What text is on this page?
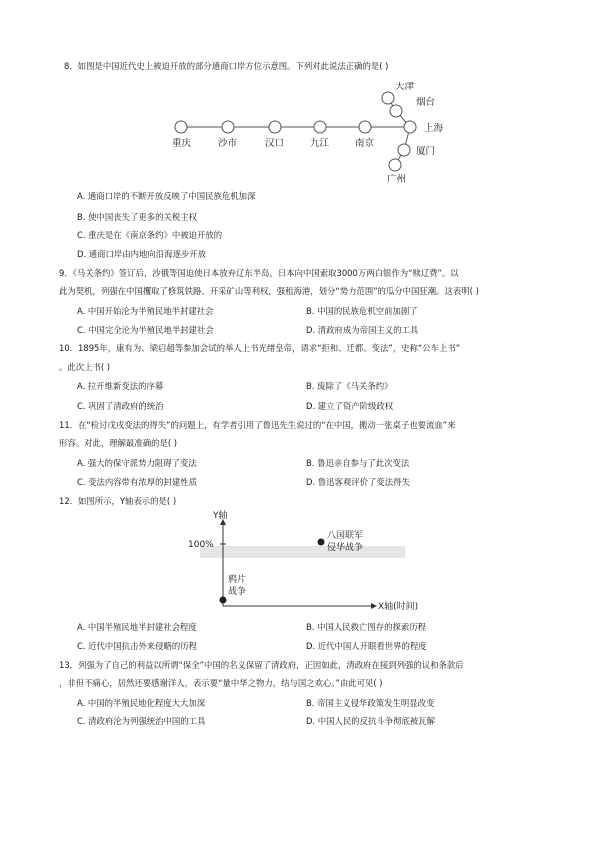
8．如图是中国近代史上被迫开放的部分通商口岸方位示意图。下列对此说法正确的是( )
重庆	沙市	汉口	九江	南京
天津
烟台
上海
厦门
广州
A. 通商口岸的不断开放反映了中国民族危机加深
B. 使中国丧失了更多的关税主权
C. 重庆是在《南京条约》中被迫开放的
D. 通商口岸由内地向沿海逐步开放
9．《马关条约》签订后，沙俄等国迫使日本放弃辽东半岛，日本向中国索取3000万两白银作为“赎辽费”。以
此为契机，列强在中国攫取了修筑铁路、开采矿山等利权，强租海港，划分“势力范围”的瓜分中国狂潮。这表明( )
A. 中国开始沦为半殖民地半封建社会	B. 中国的民族危机空前加剧了
C. 中国完全沦为半殖民地半封建社会	D. 清政府成为帝国主义的工具
10．1895年，康有为、梁启超等参加会试的举人上书光绪皇帝，请求“拒和、迁都、变法”，史称“公车上书”
。此次上书( )
A. 拉开维新变法的序幕	B. 废除了《马关条约》
C. 巩固了清政府的统治	D. 建立了资产阶级政权
11．在“检讨戊戌变法的得失”的问题上，有学者引用了鲁迅先生说过的“在中国，搬动一张桌子也要流血”来
形容。对此，理解最准确的是( )
A. 强大的保守派势力阻碍了变法	B. 鲁迅亲自参与了此次变法
C. 变法内容带有浓厚的封建性质	D. 鲁迅客观评价了变法得失
12．如图所示，Y轴表示的是( )
Y轴
X轴(时间)
100%
八国联军
侵华战争
鸦片
战争
A. 中国半殖民地半封建社会程度	B. 中国人民救亡图存的探索历程
C. 近代中国抗击外来侵略的历程	D. 近代中国人开眼看世界的程度
13．列强为了自己的利益以所谓“保全”中国的名义保留了清政府，正因如此，清政府在接到列强的议和条款后
，非但不痛心，居然还要感谢洋人，表示要“量中华之物力，结与国之欢心。”由此可见( )
A. 中国的半殖民地化程度大大加深	B. 帝国主义侵华政策发生明显改变
C. 清政府沦为列强统治中国的工具	D. 中国人民的反抗斗争彻底被瓦解
